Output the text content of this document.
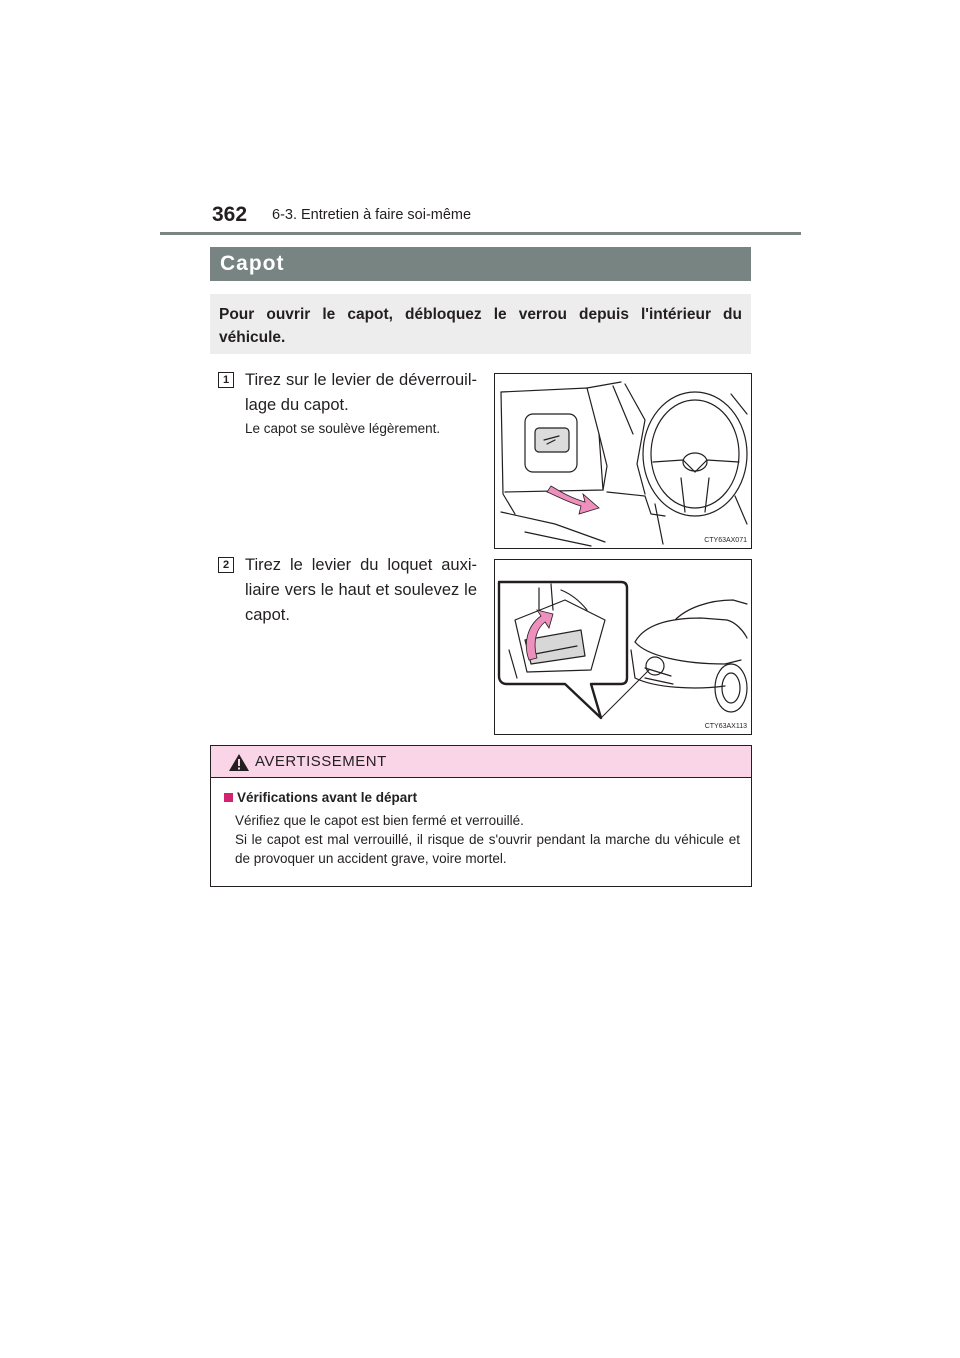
362 6-3. Entretien à faire soi-même
Capot

Pour ouvrir le capot, débloquez le verrou depuis l'intérieur du véhicule.

1 Tirez sur le levier de déverrouil-lage du capot.
Le capot se soulève légèrement.
CTY63AX071
2 Tirez le levier du loquet auxi-liaire vers le haut et soulevez le capot.
CTY63AX113
AVERTISSEMENT
Vérifications avant le départ

Vérifiez que le capot est bien fermé et verrouillé.

Si le capot est mal verrouillé, il risque de s'ouvrir pendant la marche du véhicule et de provoquer un accident grave, voire mortel.
